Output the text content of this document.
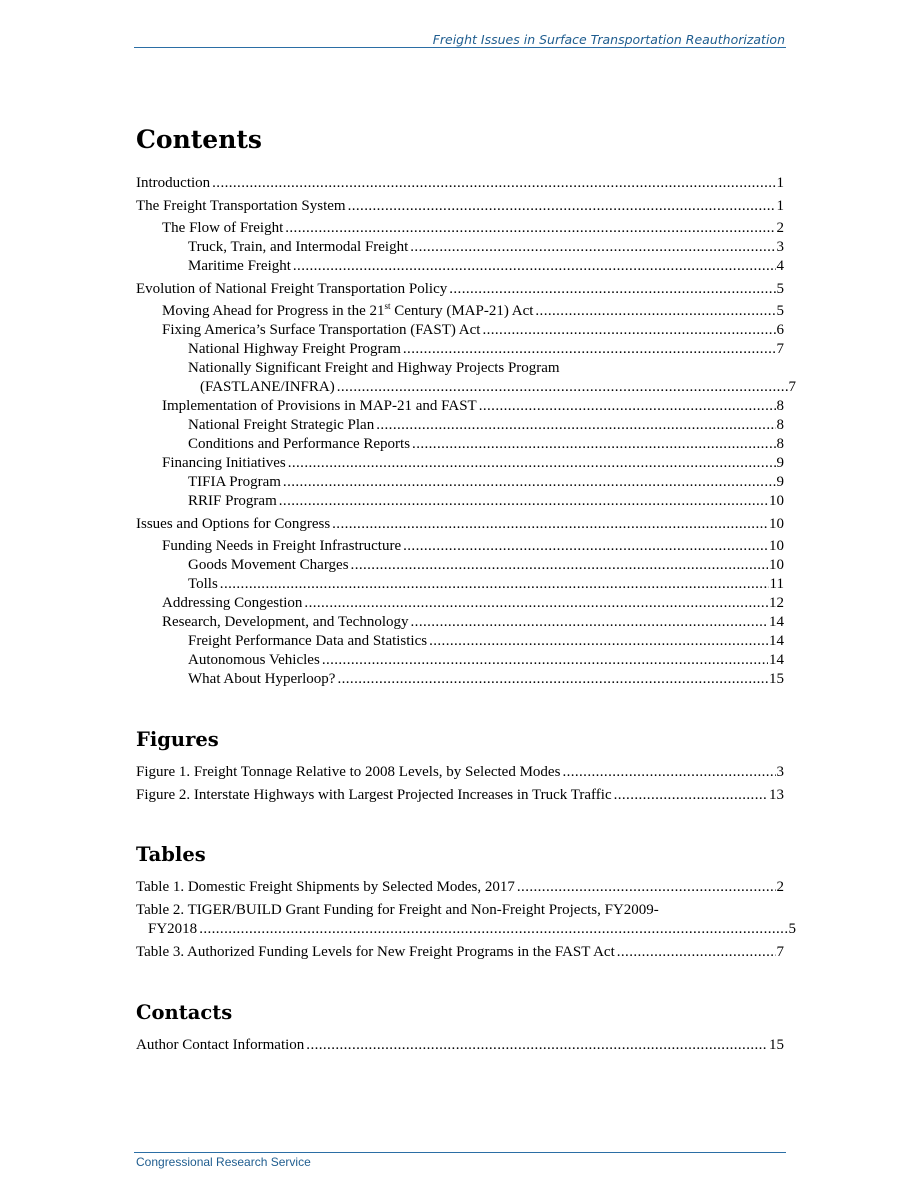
Freight Issues in Surface Transportation Reauthorization
Contents
Introduction .....	1
The Freight Transportation System .....	1
The Flow of Freight .....	2
Truck, Train, and Intermodal Freight .....	3
Maritime Freight .....	4
Evolution of National Freight Transportation Policy .....	5
Moving Ahead for Progress in the 21st Century (MAP-21) Act .....	5
Fixing America’s Surface Transportation (FAST) Act .....	6
National Highway Freight Program .....	7
Nationally Significant Freight and Highway Projects Program
(FASTLANE/INFRA) .....	7
Implementation of Provisions in MAP-21 and FAST .....	8
National Freight Strategic Plan .....	8
Conditions and Performance Reports .....	8
Financing Initiatives .....	9
TIFIA Program .....	9
RRIF Program .....	10
Issues and Options for Congress .....	10
Funding Needs in Freight Infrastructure .....	10
Goods Movement Charges .....	10
Tolls .....	11
Addressing Congestion .....	12
Research, Development, and Technology .....	14
Freight Performance Data and Statistics .....	14
Autonomous Vehicles .....	14
What About Hyperloop? .....	15
Figures
Figure 1. Freight Tonnage Relative to 2008 Levels, by Selected Modes .....	3
Figure 2. Interstate Highways with Largest Projected Increases in Truck Traffic .....	13
Tables
Table 1. Domestic Freight Shipments by Selected Modes, 2017 .....	2
Table 2. TIGER/BUILD Grant Funding for Freight and Non-Freight Projects, FY2009-
FY2018 .....	5
Table 3. Authorized Funding Levels for New Freight Programs in the FAST Act .....	7
Contacts
Author Contact Information .....	15
Congressional Research Service
